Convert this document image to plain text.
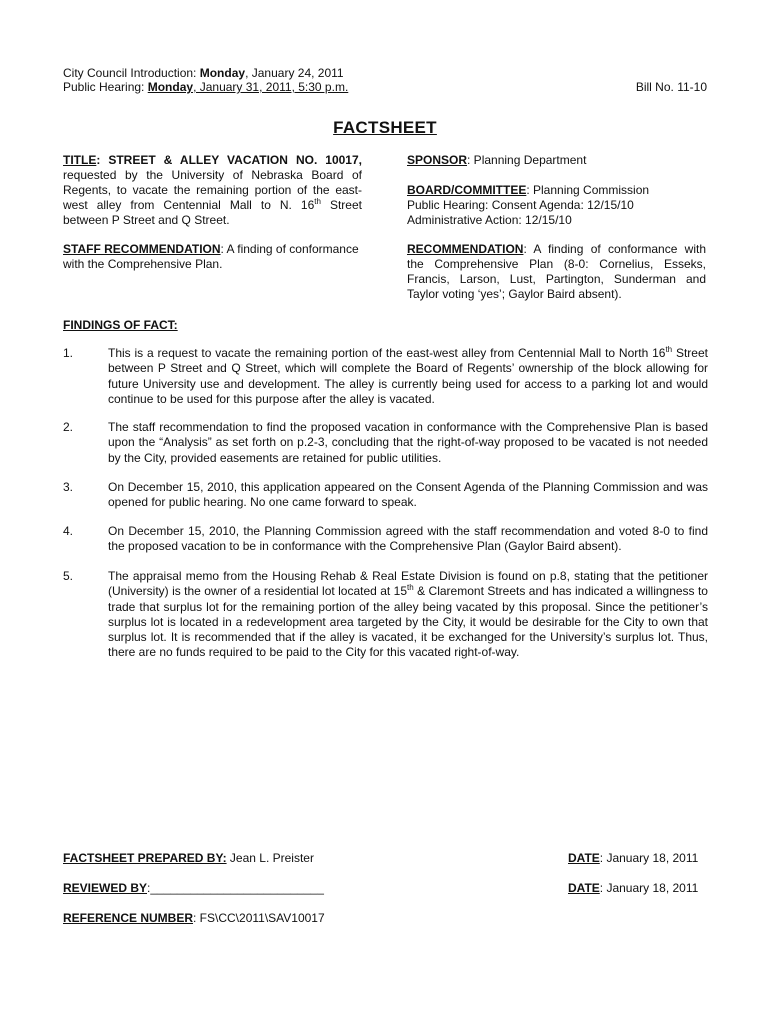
City Council Introduction: Monday, January 24, 2011
Public Hearing: Monday, January 31, 2011, 5:30 p.m.	Bill No. 11-10
FACTSHEET
TITLE: STREET & ALLEY VACATION NO. 10017, requested by the University of Nebraska Board of Regents, to vacate the remaining portion of the east-west alley from Centennial Mall to N. 16th Street between P Street and Q Street.
STAFF RECOMMENDATION: A finding of conformance with the Comprehensive Plan.
SPONSOR: Planning Department
BOARD/COMMITTEE: Planning Commission
Public Hearing: Consent Agenda: 12/15/10
Administrative Action: 12/15/10
RECOMMENDATION: A finding of conformance with the Comprehensive Plan (8-0: Cornelius, Esseks, Francis, Larson, Lust, Partington, Sunderman and Taylor voting ‘yes’; Gaylor Baird absent).
FINDINGS OF FACT:
1.	This is a request to vacate the remaining portion of the east-west alley from Centennial Mall to North 16th Street between P Street and Q Street, which will complete the Board of Regents’ ownership of the block allowing for future University use and development. The alley is currently being used for access to a parking lot and would continue to be used for this purpose after the alley is vacated.
2.	The staff recommendation to find the proposed vacation in conformance with the Comprehensive Plan is based upon the “Analysis” as set forth on p.2-3, concluding that the right-of-way proposed to be vacated is not needed by the City, provided easements are retained for public utilities.
3.	On December 15, 2010, this application appeared on the Consent Agenda of the Planning Commission and was opened for public hearing. No one came forward to speak.
4.	On December 15, 2010, the Planning Commission agreed with the staff recommendation and voted 8-0 to find the proposed vacation to be in conformance with the Comprehensive Plan (Gaylor Baird absent).
5.	The appraisal memo from the Housing Rehab & Real Estate Division is found on p.8, stating that the petitioner (University) is the owner of a residential lot located at 15th & Claremont Streets and has indicated a willingness to trade that surplus lot for the remaining portion of the alley being vacated by this proposal. Since the petitioner’s surplus lot is located in a redevelopment area targeted by the City, it would be desirable for the City to own that surplus lot. It is recommended that if the alley is vacated, it be exchanged for the University’s surplus lot. Thus, there are no funds required to be paid to the City for this vacated right-of-way.
FACTSHEET PREPARED BY: Jean L. Preister	DATE: January 18, 2011
REVIEWED BY:__________________________	DATE: January 18, 2011
REFERENCE NUMBER: FS\CC\2011\SAV10017
